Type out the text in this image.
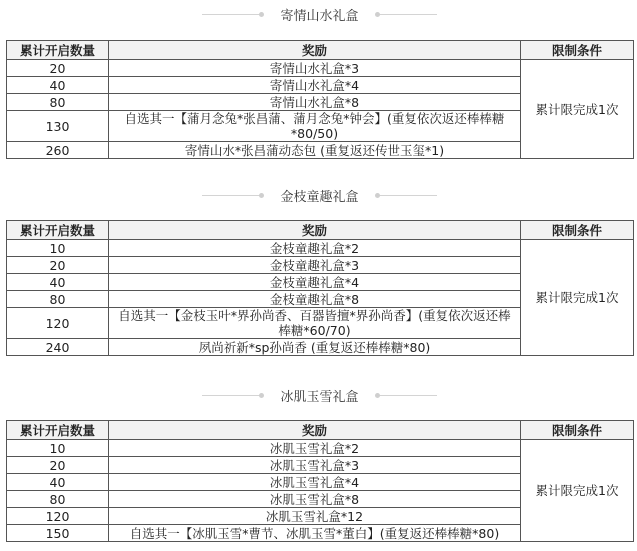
寄情山水礼盒
累计开启数量	奖励	限制条件
20	寄情山水礼盒*3	累计限完成1次
40	寄情山水礼盒*4	
80	寄情山水礼盒*8	
130	自选其一【蒲月念兔*张昌蒲、蒲月念兔*钟会】(重复依次返还棒棒糖*80/50)	
260	寄情山水*张昌蒲动态包 (重复返还传世玉玺*1)	
金枝童趣礼盒
累计开启数量	奖励	限制条件
10	金枝童趣礼盒*2	累计限完成1次
20	金枝童趣礼盒*3	
40	金枝童趣礼盒*4	
80	金枝童趣礼盒*8	
120	自选其一【金枝玉叶*界孙尚香、百器皆擅*界孙尚香】(重复依次返还棒棒糖*60/70)	
240	夙尚祈新*sp孙尚香 (重复返还棒棒糖*80)	
冰肌玉雪礼盒
累计开启数量	奖励	限制条件
10	冰肌玉雪礼盒*2	累计限完成1次
20	冰肌玉雪礼盒*3	
40	冰肌玉雪礼盒*4	
80	冰肌玉雪礼盒*8	
120	冰肌玉雪礼盒*12	
150	自选其一【冰肌玉雪*曹节、冰肌玉雪*董白】(重复返还棒棒糖*80)	
